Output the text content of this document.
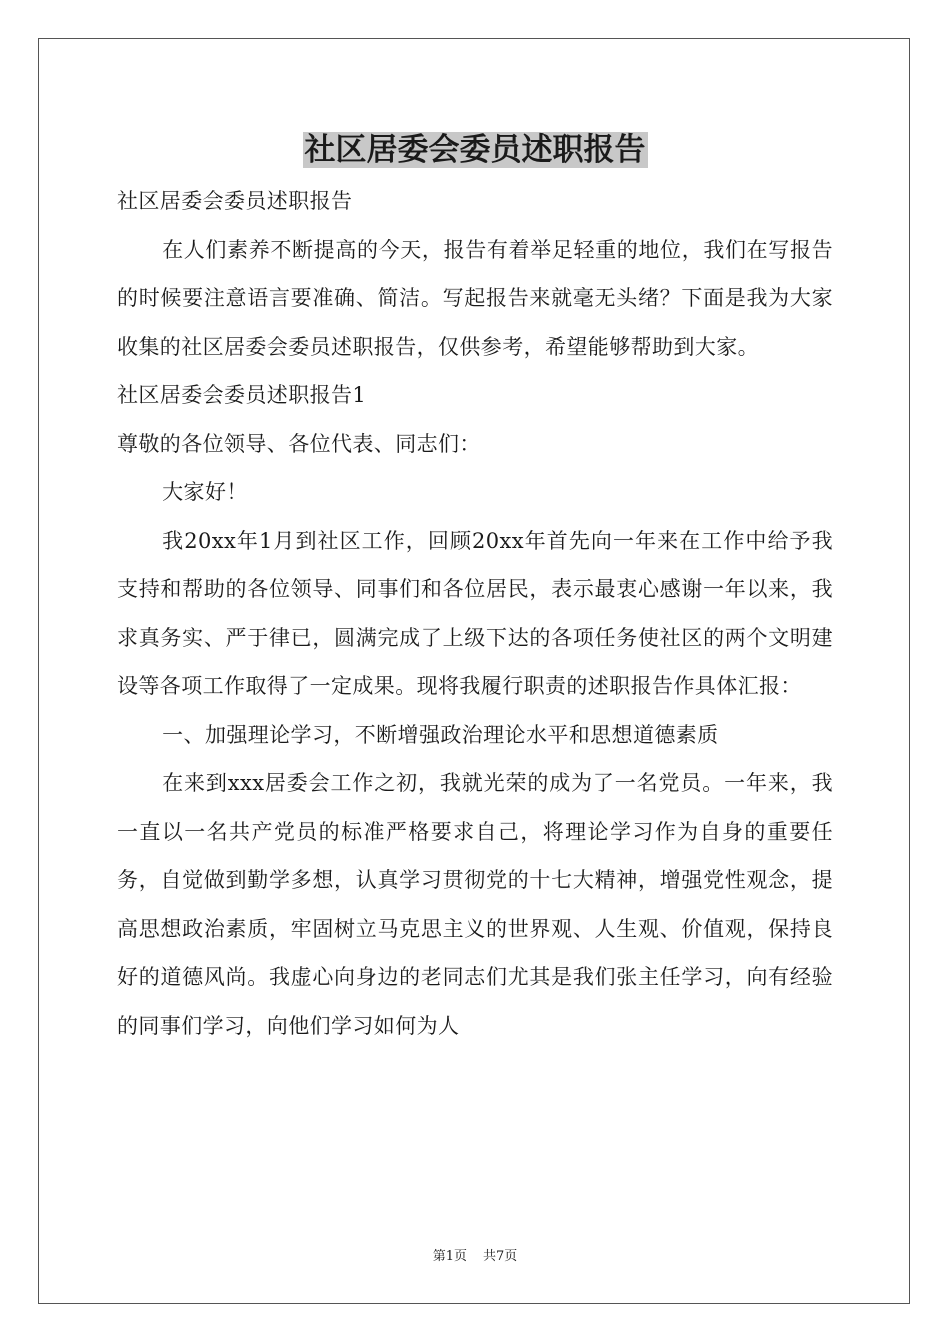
社区居委会委员述职报告

社区居委会委员述职报告

在人们素养不断提高的今天，报告有着举足轻重的地位，我们在写报告的时候要注意语言要准确、简洁。写起报告来就毫无头绪？下面是我为大家收集的社区居委会委员述职报告，仅供参考，希望能够帮助到大家。

社区居委会委员述职报告1

尊敬的各位领导、各位代表、同志们：

大家好！

我20xx年1月到社区工作，回顾20xx年首先向一年来在工作中给予我支持和帮助的各位领导、同事们和各位居民，表示最衷心感谢一年以来，我求真务实、严于律已，圆满完成了上级下达的各项任务使社区的两个文明建设等各项工作取得了一定成果。现将我履行职责的述职报告作具体汇报：

一、加强理论学习，不断增强政治理论水平和思想道德素质

在来到xxx居委会工作之初，我就光荣的成为了一名党员。一年来，我一直以一名共产党员的标准严格要求自己，将理论学习作为自身的重要任务，自觉做到勤学多想，认真学习贯彻党的十七大精神，增强党性观念，提高思想政治素质，牢固树立马克思主义的世界观、人生观、价值观，保持良好的道德风尚。我虚心向身边的老同志们尤其是我们张主任学习，向有经验的同事们学习，向他们学习如何为人

第1页 共7页
